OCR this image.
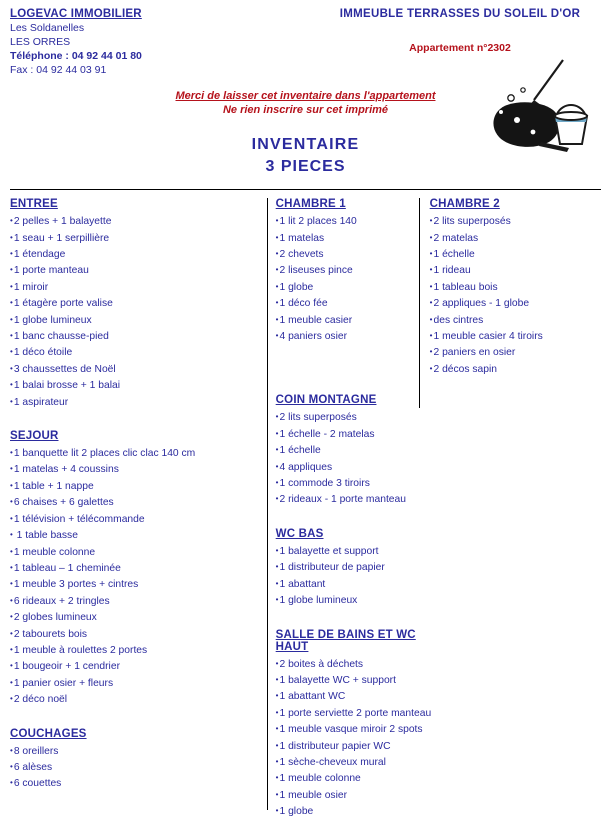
LOGEVAC IMMOBILIER
Les Soldanelles
LES ORRES
Téléphone : 04 92 44 01 80
Fax : 04 92 44 03 91
IMMEUBLE TERRASSES DU SOLEIL D'OR
Appartement n°2302
Merci de laisser cet inventaire dans l'appartement
Ne rien inscrire sur cet imprimé
INVENTAIRE
3 PIECES
ENTREE
• 2 pelles + 1 balayette
• 1 seau + 1 serpillière
• 1 étendage
• 1 porte manteau
• 1 miroir
• 1 étagère porte valise
• 1 globe lumineux
• 1 banc chausse-pied
• 1 déco étoile
• 3 chaussettes de Noël
• 1 balai brosse + 1 balai
• 1 aspirateur
SEJOUR
• 1 banquette lit 2 places clic clac 140 cm
• 1 matelas + 4 coussins
• 1 table + 1 nappe
• 6 chaises + 6 galettes
• 1 télévision + télécommande
• 1 table basse
• 1 meuble colonne
• 1 tableau – 1 cheminée
• 1 meuble 3 portes + cintres
• 6 rideaux + 2 tringles
• 2 globes lumineux
• 2 tabourets bois
• 1 meuble à roulettes 2 portes
• 1 bougeoir + 1 cendrier
• 1 panier osier + fleurs
• 2 déco noël
COUCHAGES
• 8 oreillers
• 6 alèses
• 6 couettes
CHAMBRE 1
• 1 lit 2 places 140
• 1 matelas
• 2 chevets
• 2 liseuses pince
• 1 globe
• 1 déco fée
• 1 meuble casier
• 4 paniers osier
COIN MONTAGNE
• 2 lits superposés
• 1 échelle - 2 matelas
• 1 échelle
• 4 appliques
• 1 commode 3 tiroirs
• 2 rideaux - 1 porte manteau
WC BAS
• 1 balayette et support
• 1 distributeur de papier
• 1 abattant
• 1 globe lumineux
SALLE DE BAINS ET WC HAUT
• 2 boites à déchets
• 1 balayette WC + support
• 1 abattant WC
• 1 porte serviette 2 porte manteau
• 1 meuble vasque miroir 2 spots
• 1 distributeur papier WC
• 1 sèche-cheveux mural
• 1 meuble colonne
• 1 meuble osier
• 1 globe
CHAMBRE 2
• 2 lits superposés
• 2 matelas
• 1 échelle
• 1 rideau
• 1 tableau bois
• 2 appliques - 1 globe
• des cintres
• 1 meuble casier 4 tiroirs
• 2 paniers en osier
• 2 décos sapin
